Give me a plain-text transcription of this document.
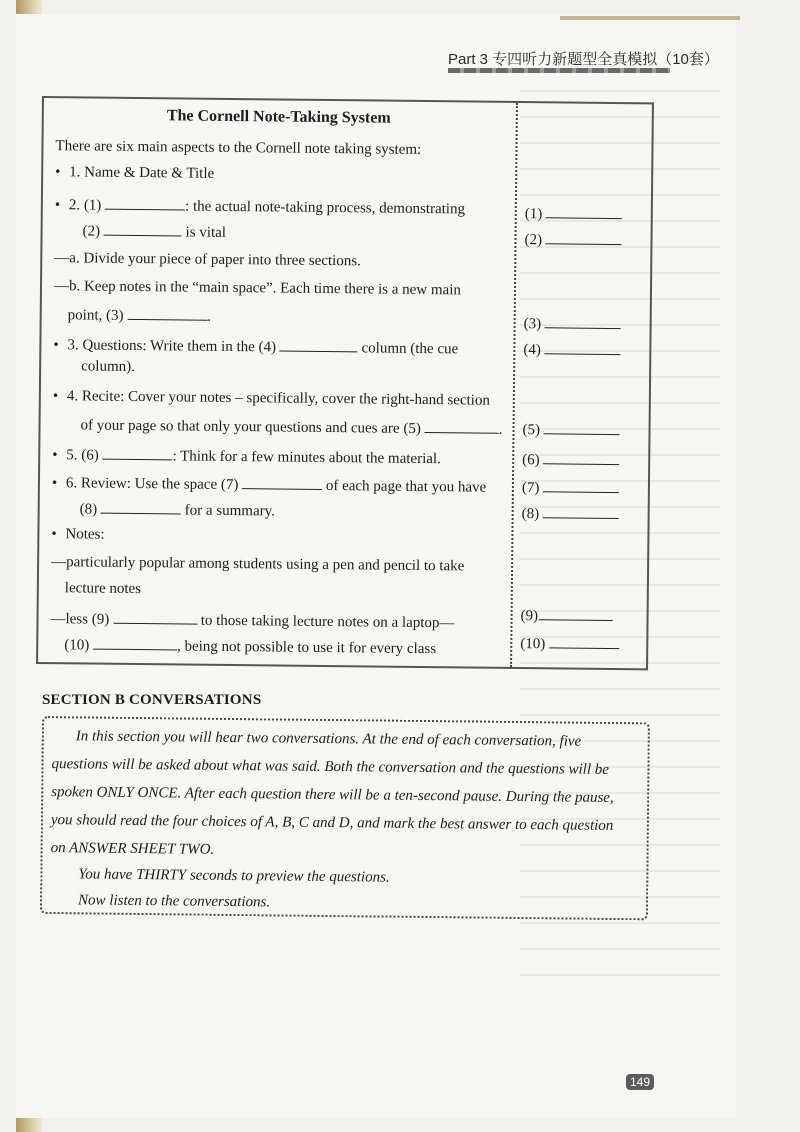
Part 3 专四听力新题型全真模拟（10套）
The Cornell Note-Taking System
There are six main aspects to the Cornell note taking system:
• 1. Name & Date & Title
• 2. (1)	: the actual note-taking process, demonstrating
(2)	is vital
—a. Divide your piece of paper into three sections.
—b. Keep notes in the “main space”. Each time there is a new main
point, (3)	.
• 3. Questions: Write them in the (4)	column (the cue
column).
• 4. Recite: Cover your notes – specifically, cover the right-hand section
of your page so that only your questions and cues are (5)	.
• 5. (6)	: Think for a few minutes about the material.
• 6. Review: Use the space (7)	of each page that you have
(8)	for a summary.
• Notes:
—particularly popular among students using a pen and pencil to take
lecture notes
—less (9)	to those taking lecture notes on a laptop—
(10)	, being not possible to use it for every class
(1)
(2)
(3)
(4)
(5)
(6)
(7)
(8)
(9)
(10)
SECTION B CONVERSATIONS
In this section you will hear two conversations. At the end of each conversation, five
questions will be asked about what was said. Both the conversation and the questions will be
spoken ONLY ONCE. After each question there will be a ten-second pause. During the pause,
you should read the four choices of A, B, C and D, and mark the best answer to each question
on ANSWER SHEET TWO.
You have THIRTY seconds to preview the questions.
Now listen to the conversations.
149
